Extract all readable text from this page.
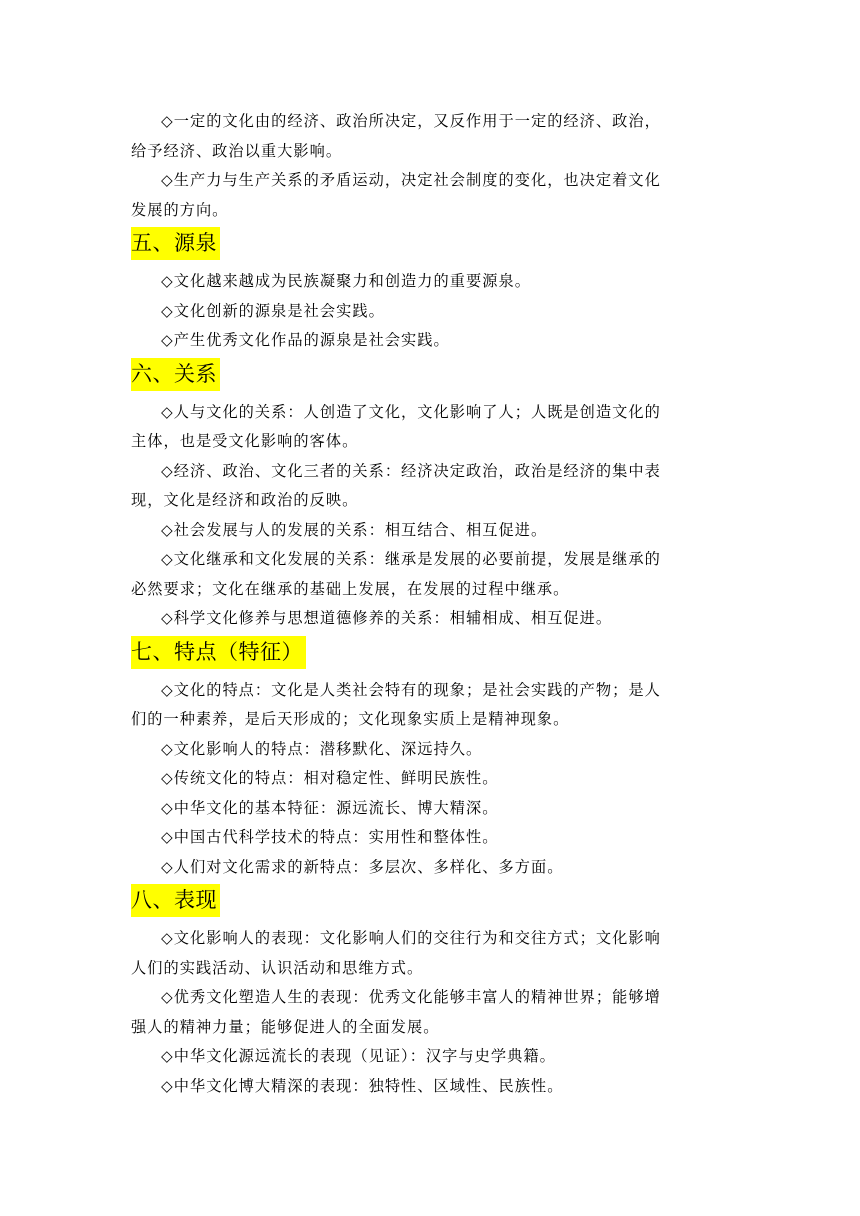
◇一定的文化由的经济、政治所决定，又反作用于一定的经济、政治，
给予经济、政治以重大影响。
◇生产力与生产关系的矛盾运动，决定社会制度的变化，也决定着文化
发展的方向。
五、源泉
◇文化越来越成为民族凝聚力和创造力的重要源泉。
◇文化创新的源泉是社会实践。
◇产生优秀文化作品的源泉是社会实践。
六、关系
◇人与文化的关系：人创造了文化，文化影响了人；人既是创造文化的
主体，也是受文化影响的客体。
◇经济、政治、文化三者的关系：经济决定政治，政治是经济的集中表
现，文化是经济和政治的反映。
◇社会发展与人的发展的关系：相互结合、相互促进。
◇文化继承和文化发展的关系：继承是发展的必要前提，发展是继承的
必然要求；文化在继承的基础上发展，在发展的过程中继承。
◇科学文化修养与思想道德修养的关系：相辅相成、相互促进。
七、特点（特征）
◇文化的特点：文化是人类社会特有的现象；是社会实践的产物；是人
们的一种素养，是后天形成的；文化现象实质上是精神现象。
◇文化影响人的特点：潜移默化、深远持久。
◇传统文化的特点：相对稳定性、鲜明民族性。
◇中华文化的基本特征：源远流长、博大精深。
◇中国古代科学技术的特点：实用性和整体性。
◇人们对文化需求的新特点：多层次、多样化、多方面。
八、表现
◇文化影响人的表现：文化影响人们的交往行为和交往方式；文化影响
人们的实践活动、认识活动和思维方式。
◇优秀文化塑造人生的表现：优秀文化能够丰富人的精神世界；能够增
强人的精神力量；能够促进人的全面发展。
◇中华文化源远流长的表现（见证）：汉字与史学典籍。
◇中华文化博大精深的表现：独特性、区域性、民族性。
